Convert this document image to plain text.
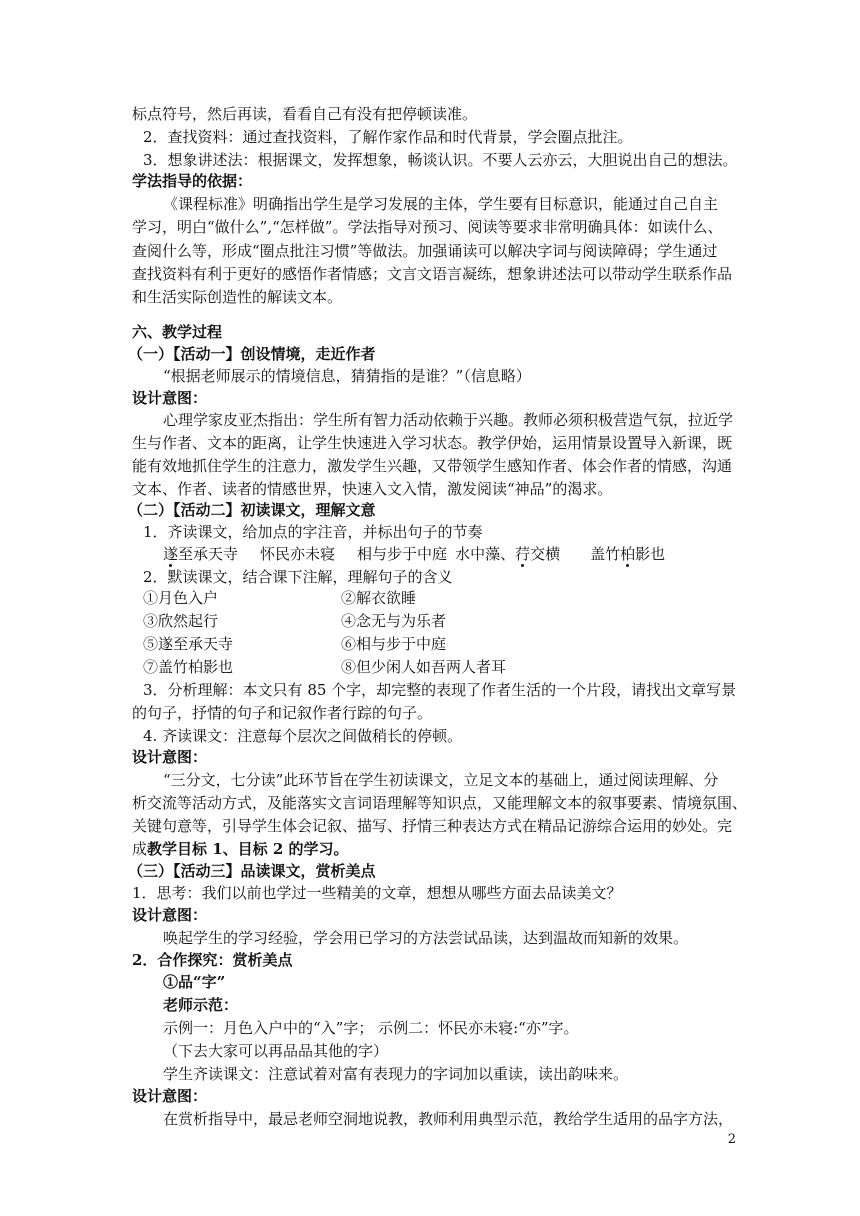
标点符号，然后再读，看看自己有没有把停顿读准。
2．查找资料：通过查找资料，了解作家作品和时代背景，学会圈点批注。
3．想象讲述法：根据课文，发挥想象，畅谈认识。不要人云亦云，大胆说出自己的想法。
学法指导的依据：
《课程标准》明确指出学生是学习发展的主体，学生要有目标意识，能通过自己自主
学习，明白“做什么”,“怎样做”。学法指导对预习、阅读等要求非常明确具体：如读什么、
查阅什么等，形成“圈点批注习惯”等做法。加强诵读可以解决字词与阅读障碍；学生通过
查找资料有利于更好的感悟作者情感；文言文语言凝练，想象讲述法可以带动学生联系作品
和生活实际创造性的解读文本。
六、教学过程
（一）【活动一】创设情境，走近作者
“根据老师展示的情境信息，猜猜指的是谁？”（信息略）
设计意图：
心理学家皮亚杰指出：学生所有智力活动依赖于兴趣。教师必须积极营造气氛，拉近学
生与作者、文本的距离，让学生快速进入学习状态。教学伊始，运用情景设置导入新课，既
能有效地抓住学生的注意力，激发学生兴趣，又带领学生感知作者、体会作者的情感，沟通
文本、作者、读者的情感世界，快速入文入情，激发阅读“神品”的渴求。
（二）【活动二】初读课文，理解文意
1．齐读课文，给加点的字注音，并标出句子的节奏
遂至承天寺 怀民亦未寝 相与步于中庭 水中藻、荇交横 盖竹柏影也
2．默读课文，结合课下注解，理解句子的含义
①月色入户	②解衣欲睡
③欣然起行	④念无与为乐者
⑤遂至承天寺	⑥相与步于中庭
⑦盖竹柏影也	⑧但少闲人如吾两人者耳
3．分析理解：本文只有 85 个字，却完整的表现了作者生活的一个片段，请找出文章写景
的句子，抒情的句子和记叙作者行踪的句子。
4. 齐读课文：注意每个层次之间做稍长的停顿。
设计意图：
“三分文，七分读”此环节旨在学生初读课文，立足文本的基础上，通过阅读理解、分
析交流等活动方式，及能落实文言词语理解等知识点，又能理解文本的叙事要素、情境氛围、
关键句意等，引导学生体会记叙、描写、抒情三种表达方式在精品记游综合运用的妙处。完
成教学目标 1、目标 2 的学习。
（三）【活动三】品读课文，赏析美点
1．思考：我们以前也学过一些精美的文章，想想从哪些方面去品读美文？
设计意图：
唤起学生的学习经验，学会用已学习的方法尝试品读，达到温故而知新的效果。
2．合作探究：赏析美点
①品“字”
老师示范：
示例一：月色入户中的“入”字； 示例二：怀民亦未寝:“亦”字。
（下去大家可以再品品其他的字）
学生齐读课文：注意试着对富有表现力的字词加以重读，读出韵味来。
设计意图：
在赏析指导中，最忌老师空洞地说教，教师利用典型示范，教给学生适用的品字方法，
2
